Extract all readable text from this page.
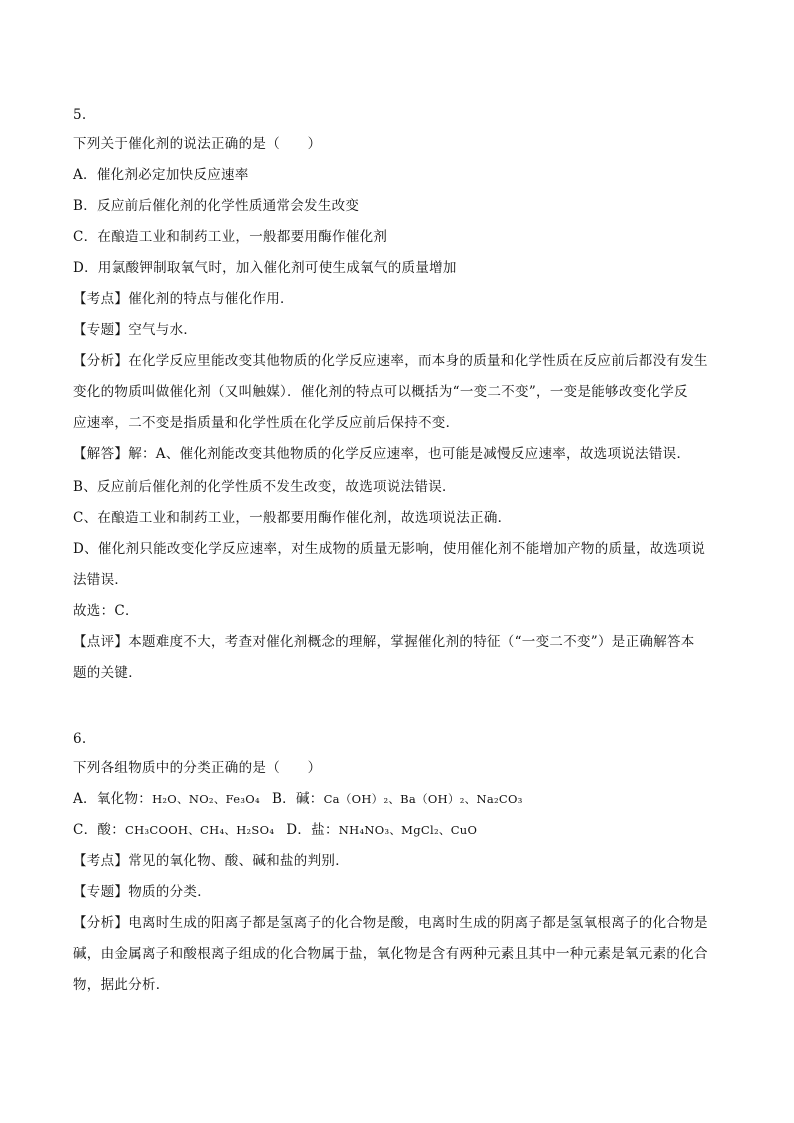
5.
下列关于催化剂的说法正确的是（　　）
A．催化剂必定加快反应速率
B．反应前后催化剂的化学性质通常会发生改变
C．在酿造工业和制药工业，一般都要用酶作催化剂
D．用氯酸钾制取氧气时，加入催化剂可使生成氧气的质量增加
【考点】催化剂的特点与催化作用．
【专题】空气与水．
【分析】在化学反应里能改变其他物质的化学反应速率，而本身的质量和化学性质在反应前后都没有发生
变化的物质叫做催化剂（又叫触媒）．催化剂的特点可以概括为“一变二不变”，一变是能够改变化学反
应速率，二不变是指质量和化学性质在化学反应前后保持不变．
【解答】解：A、催化剂能改变其他物质的化学反应速率，也可能是减慢反应速率，故选项说法错误．
B、反应前后催化剂的化学性质不发生改变，故选项说法错误．
C、在酿造工业和制药工业，一般都要用酶作催化剂，故选项说法正确．
D、催化剂只能改变化学反应速率，对生成物的质量无影响，使用催化剂不能增加产物的质量，故选项说
法错误．
故选：C．
【点评】本题难度不大，考查对催化剂概念的理解，掌握催化剂的特征（“一变二不变”）是正确解答本
题的关键．
6.
下列各组物质中的分类正确的是（　　）
A．氧化物：H₂O、NO₂、Fe₃O₄ B．碱：Ca（OH）₂、Ba（OH）₂、Na₂CO₃
C．酸：CH₃COOH、CH₄、H₂SO₄ D．盐：NH₄NO₃、MgCl₂、CuO
【考点】常见的氧化物、酸、碱和盐的判别．
【专题】物质的分类．
【分析】电离时生成的阳离子都是氢离子的化合物是酸，电离时生成的阴离子都是氢氧根离子的化合物是
碱，由金属离子和酸根离子组成的化合物属于盐，氧化物是含有两种元素且其中一种元素是氧元素的化合
物，据此分析．
